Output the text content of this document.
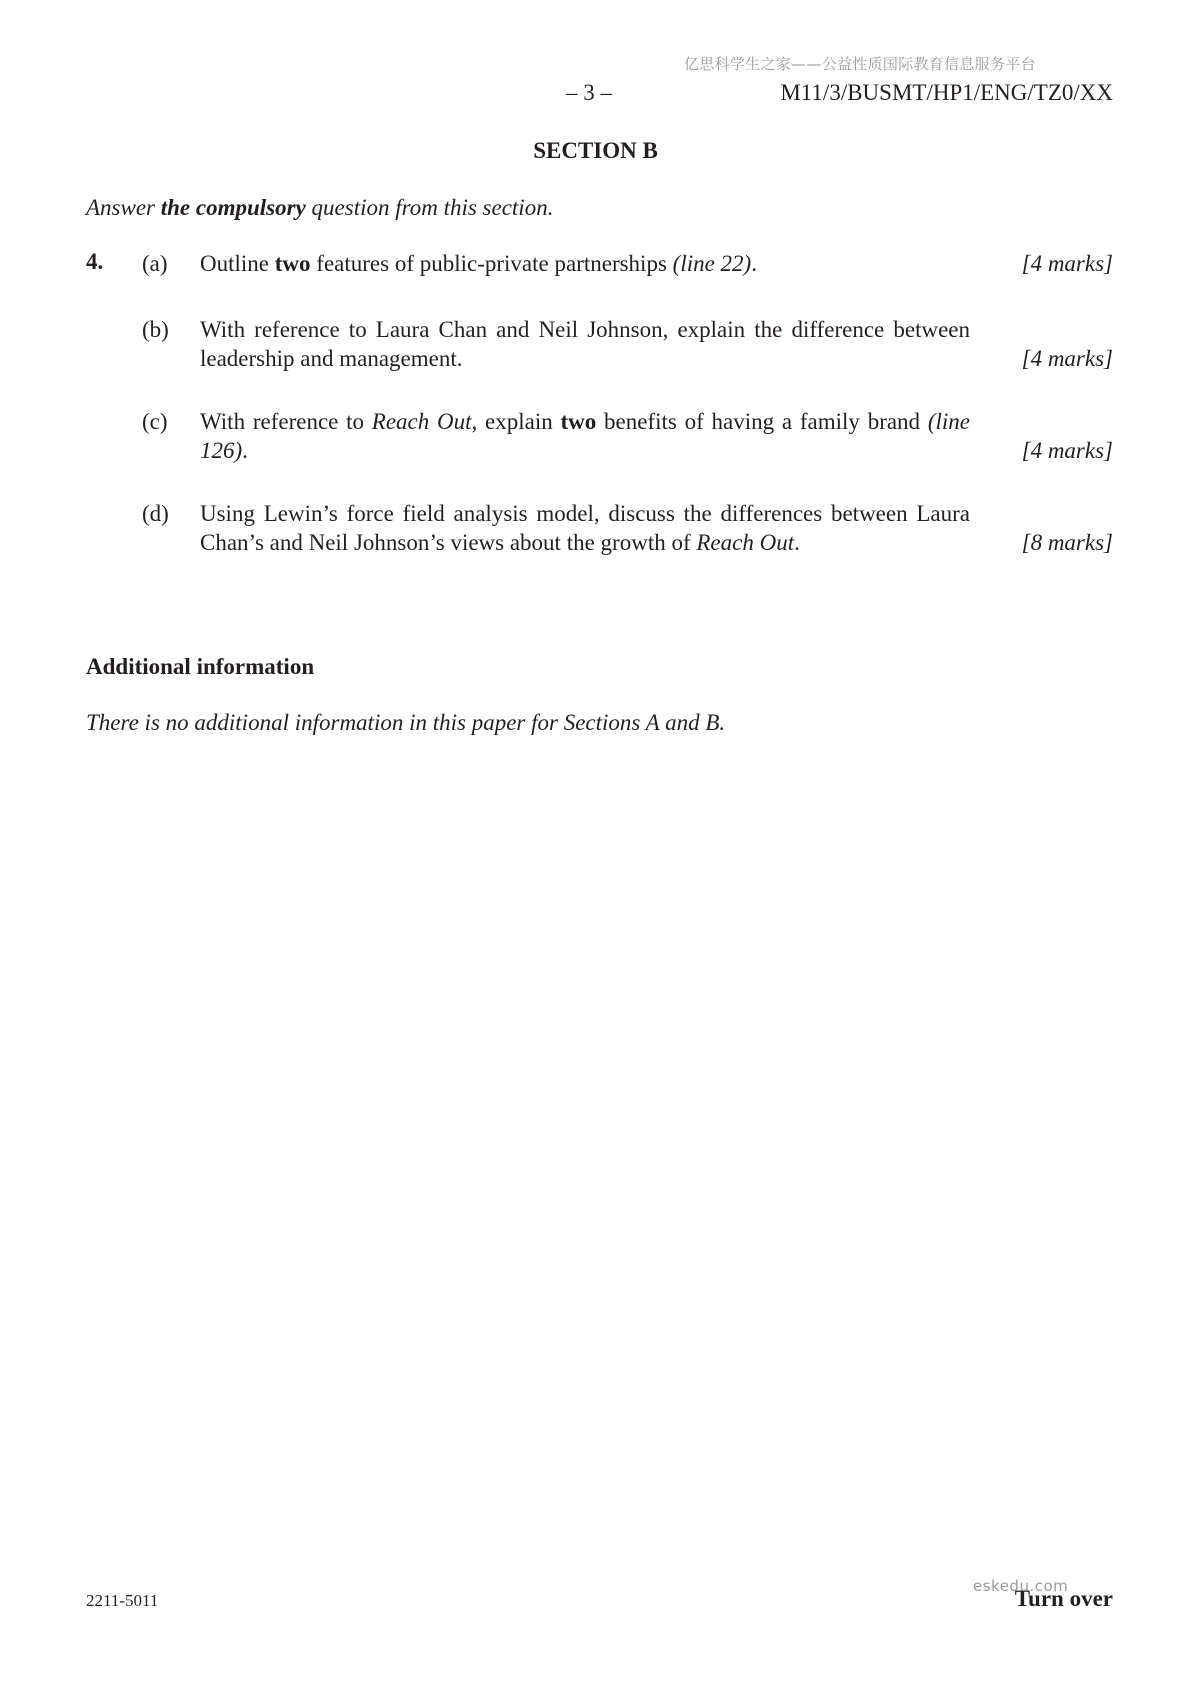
亿思科学生之家——公益性质国际教育信息服务平台
– 3 –	M11/3/BUSMT/HP1/ENG/TZ0/XX
SECTION B
Answer the compulsory question from this section.
4. (a) Outline two features of public-private partnerships (line 22).	[4 marks]
(b) With reference to Laura Chan and Neil Johnson, explain the difference between leadership and management.	[4 marks]
(c) With reference to Reach Out, explain two benefits of having a family brand (line 126).	[4 marks]
(d) Using Lewin’s force field analysis model, discuss the differences between Laura Chan’s and Neil Johnson’s views about the growth of Reach Out.	[8 marks]
Additional information
There is no additional information in this paper for Sections A and B.
2211-5011	Turn over
eskedu.com
